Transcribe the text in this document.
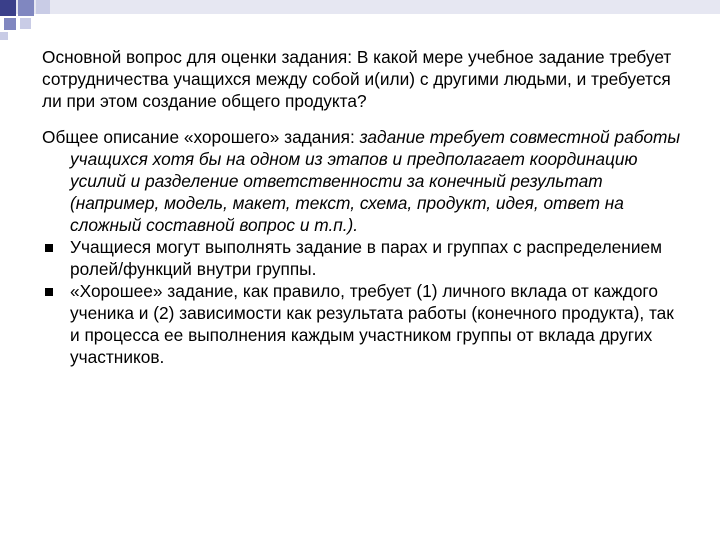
Основной вопрос для оценки задания: В какой мере учебное задание требует сотрудничества учащихся между собой и(или) с другими людьми, и требуется ли при этом создание общего продукта?

Общее описание «хорошего» задания: задание требует совместной работы учащихся хотя бы на одном из этапов и предполагает координацию усилий и разделение ответственности за конечный результат (например, модель, макет, текст, схема, продукт, идея, ответ на сложный составной вопрос и т.п.).

Учащиеся могут выполнять задание в парах и группах с распределением ролей/функций внутри группы.
«Хорошее» задание, как правило, требует (1) личного вклада от каждого ученика и (2) зависимости как результата работы (конечного продукта), так и процесса ее выполнения каждым участником группы от вклада других участников.
